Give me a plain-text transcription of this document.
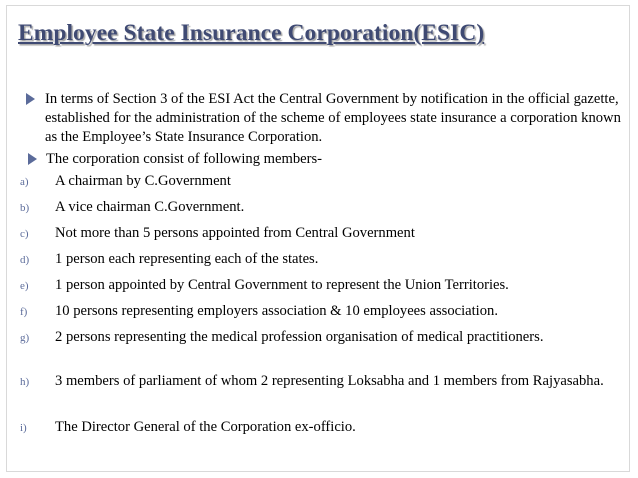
Employee State Insurance Corporation(ESIC)
In terms of Section 3 of the ESI Act the Central Government by notification in the official gazette, established for the administration of the scheme of employees state insurance a corporation known as the Employee’s State Insurance Corporation.
The corporation consist of following members-
a) A chairman by C.Government
b) A vice chairman C.Government.
c) Not more than 5 persons appointed from Central Government
d) 1 person each representing each of the states.
e) 1 person appointed by Central Government to represent the Union Territories.
f) 10 persons representing employers association & 10 employees association.
g) 2 persons representing the medical profession organisation of medical practitioners.
h) 3 members of parliament of whom 2 representing Loksabha and 1 members from Rajyasabha.
i) The Director General of the Corporation ex-officio.
